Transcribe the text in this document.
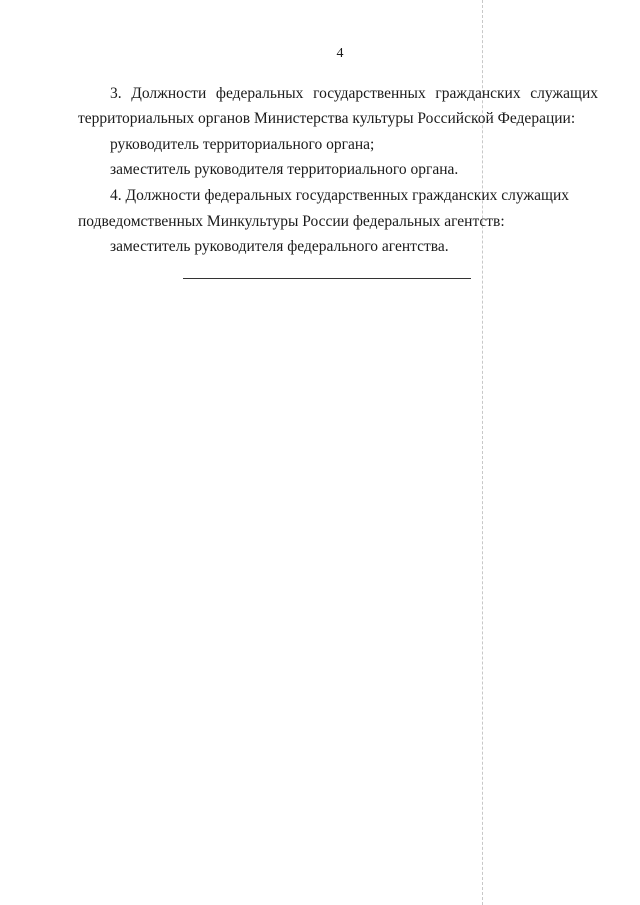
4
3. Должности федеральных государственных гражданских служащих
территориальных органов Министерства культуры Российской Федерации:
руководитель территориального органа;
заместитель руководителя территориального органа.
4. Должности федеральных государственных гражданских служащих
подведомственных Минкультуры России федеральных агентств:
заместитель руководителя федерального агентства.
